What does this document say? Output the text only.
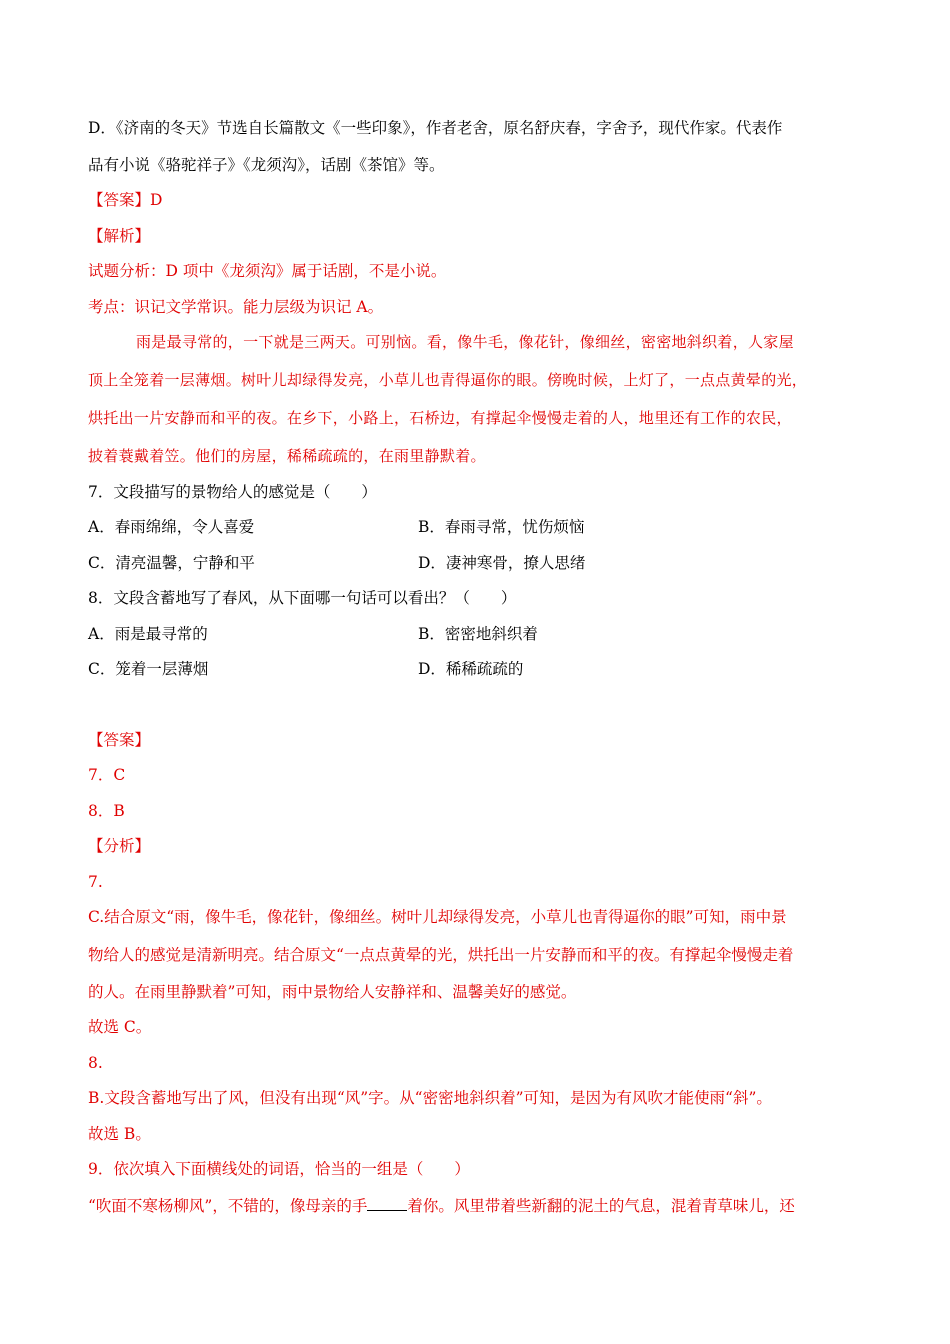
D．《济南的冬天》节选自长篇散文《一些印象》，作者老舍，原名舒庆春，字舍予，现代作家。代表作
品有小说《骆驼祥子》《龙须沟》，话剧《茶馆》等。
【答案】D
【解析】
试题分析：D 项中《龙须沟》属于话剧，不是小说。
考点：识记文学常识。能力层级为识记 A。
雨是最寻常的，一下就是三两天。可别恼。看，像牛毛，像花针，像细丝，密密地斜织着，人家屋
顶上全笼着一层薄烟。树叶儿却绿得发亮，小草儿也青得逼你的眼。傍晚时候，上灯了，一点点黄晕的光，
烘托出一片安静而和平的夜。在乡下，小路上，石桥边，有撑起伞慢慢走着的人，地里还有工作的农民，
披着蓑戴着笠。他们的房屋，稀稀疏疏的，在雨里静默着。
7．文段描写的景物给人的感觉是（　　）
A．春雨绵绵，令人喜爱	B．春雨寻常，忧伤烦恼
C．清亮温馨，宁静和平	D．凄神寒骨，撩人思绪
8．文段含蓄地写了春风，从下面哪一句话可以看出？（　　）
A．雨是最寻常的	B．密密地斜织着
C．笼着一层薄烟	D．稀稀疏疏的
【答案】
7．C
8．B
【分析】
7.
C.结合原文“雨，像牛毛，像花针，像细丝。树叶儿却绿得发亮，小草儿也青得逼你的眼”可知，雨中景
物给人的感觉是清新明亮。结合原文“一点点黄晕的光，烘托出一片安静而和平的夜。有撑起伞慢慢走着
的人。在雨里静默着”可知，雨中景物给人安静祥和、温馨美好的感觉。
故选 C。
8.
B.文段含蓄地写出了风，但没有出现“风”字。从“密密地斜织着”可知，是因为有风吹才能使雨“斜”。
故选 B。
9．依次填入下面横线处的词语，恰当的一组是（　　）
“吹面不寒杨柳风”，不错的，像母亲的手	着你。风里带着些新翻的泥土的气息，混着青草味儿，还
